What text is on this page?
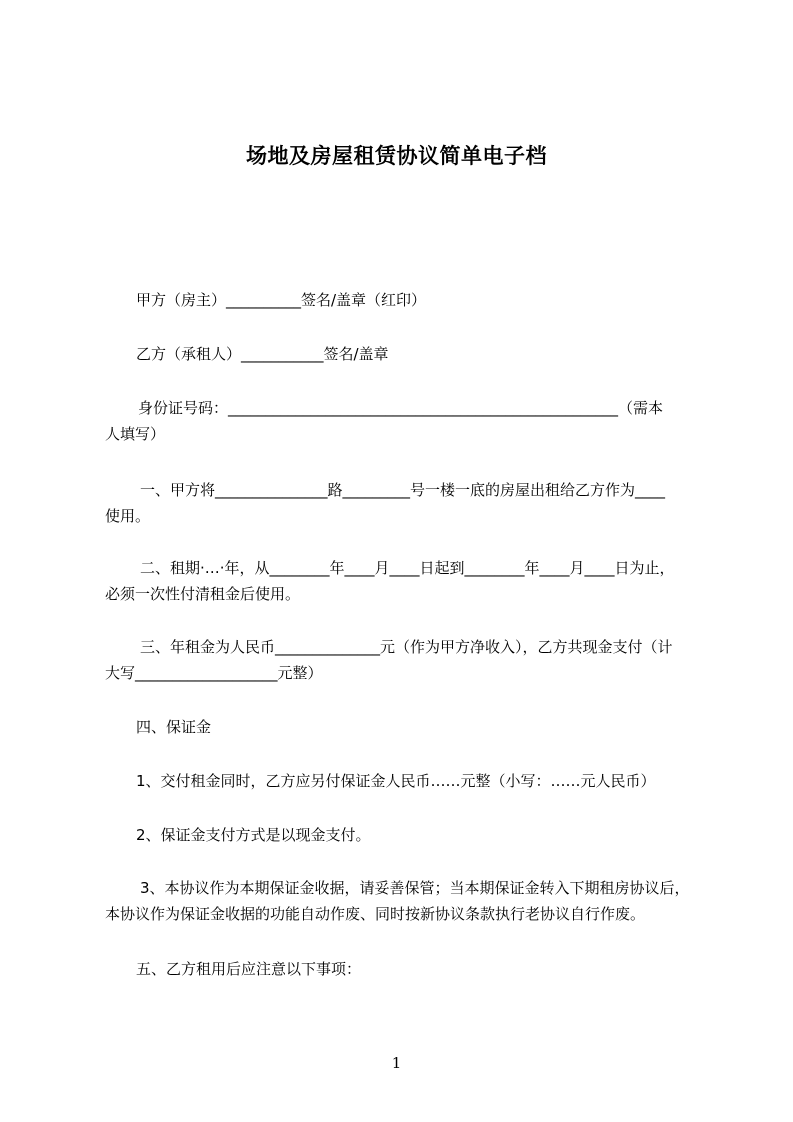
场地及房屋租赁协议简单电子档
甲方（房主）__________签名/盖章（红印）
乙方（承租人）___________签名/盖章
身份证号码：____________________________________________________（需本
人填写）
一、甲方将_______________路_________号一楼一底的房屋出租给乙方作为____
使用。
二、租期·…·年，从________年____月____日起到________年____月____日为止，
必须一次性付清租金后使用。
三、年租金为人民币______________元（作为甲方净收入），乙方共现金支付（计
大写___________________元整）
四、保证金
1、交付租金同时，乙方应另付保证金人民币……元整（小写：……元人民币）
2、保证金支付方式是以现金支付。
3、本协议作为本期保证金收据，请妥善保管；当本期保证金转入下期租房协议后，
本协议作为保证金收据的功能自动作废、同时按新协议条款执行老协议自行作废。
五、乙方租用后应注意以下事项：
1
